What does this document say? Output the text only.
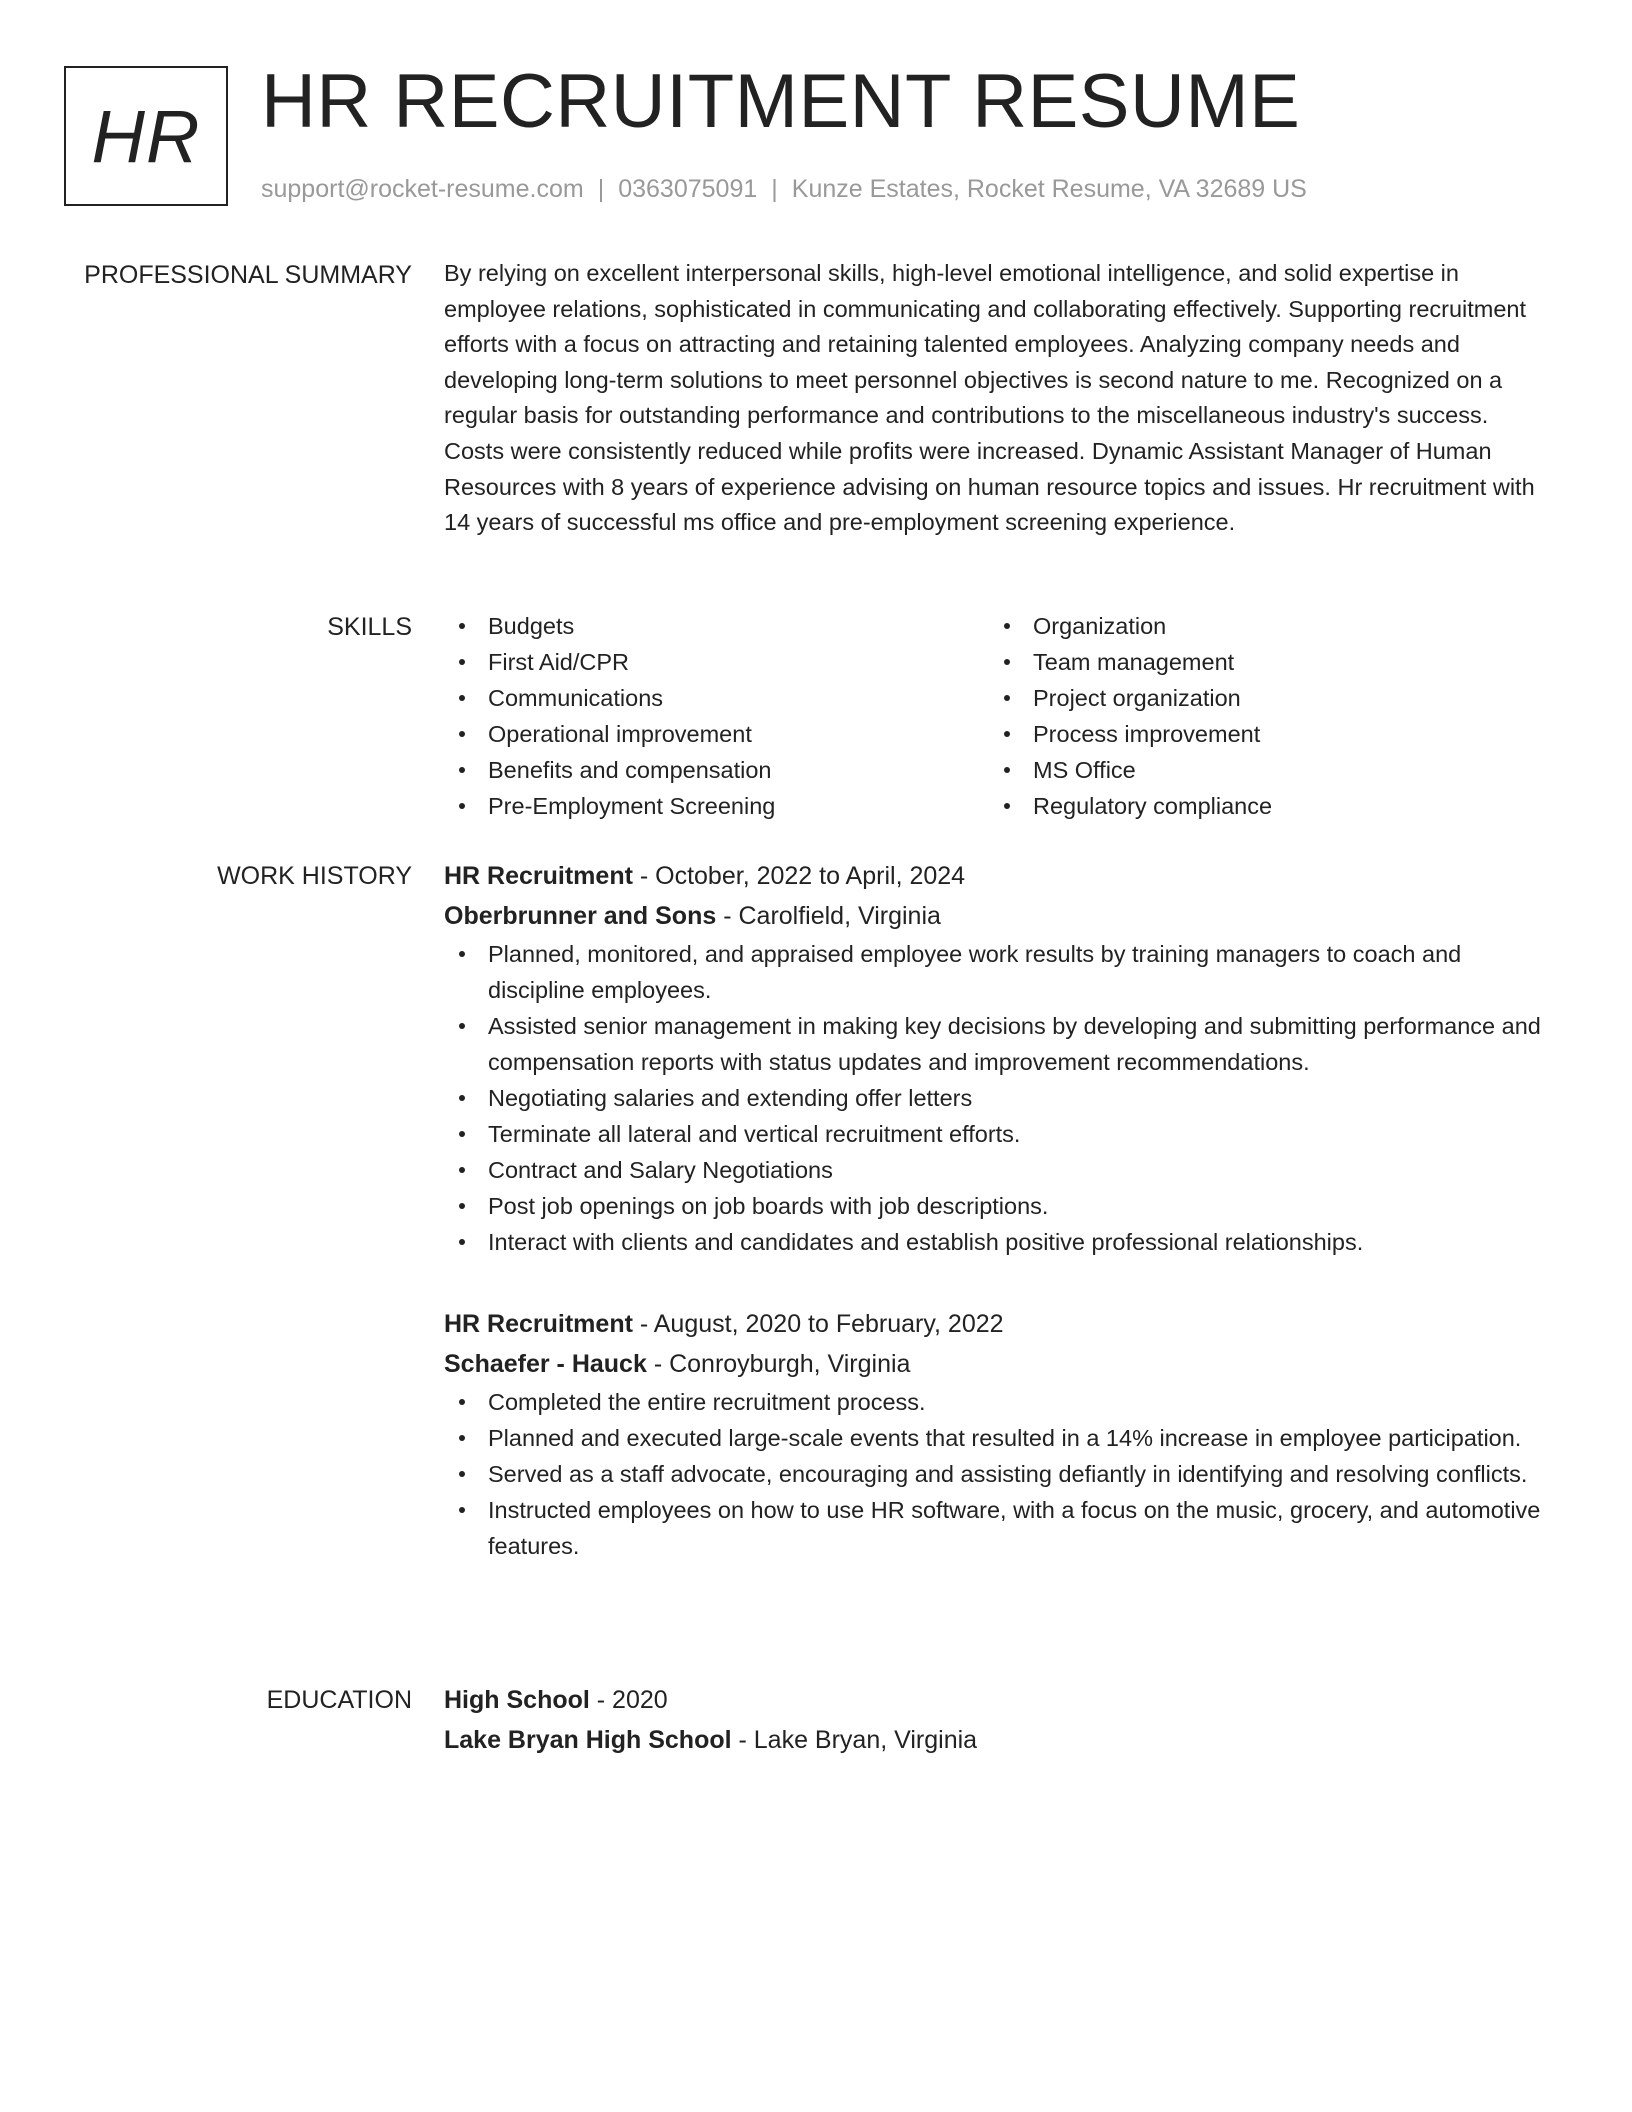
HR HR RECRUITMENT RESUME
support@rocket-resume.com | 0363075091 | Kunze Estates, Rocket Resume, VA 32689 US
PROFESSIONAL SUMMARY By relying on excellent interpersonal skills, high-level emotional intelligence, and solid expertise in employee relations, sophisticated in communicating and collaborating effectively. Supporting recruitment efforts with a focus on attracting and retaining talented employees. Analyzing company needs and developing long-term solutions to meet personnel objectives is second nature to me. Recognized on a regular basis for outstanding performance and contributions to the miscellaneous industry's success. Costs were consistently reduced while profits were increased. Dynamic Assistant Manager of Human Resources with 8 years of experience advising on human resource topics and issues. Hr recruitment with 14 years of successful ms office and pre-employment screening experience.

SKILLS	Budgets
First Aid/CPR
Communications
Operational improvement
Benefits and compensation
Pre-Employment Screening
Organization
Team management
Project organization
Process improvement
MS Office
Regulatory compliance
WORK HISTORY HR Recruitment - October, 2022 to April, 2024
Oberbrunner and Sons - Carolfield, Virginia
Planned, monitored, and appraised employee work results by training managers to coach and discipline employees.
Assisted senior management in making key decisions by developing and submitting performance and compensation reports with status updates and improvement recommendations.
Negotiating salaries and extending offer letters
Terminate all lateral and vertical recruitment efforts.
Contract and Salary Negotiations
Post job openings on job boards with job descriptions.
Interact with clients and candidates and establish positive professional relationships.
HR Recruitment - August, 2020 to February, 2022
Schaefer - Hauck - Conroyburgh, Virginia
Completed the entire recruitment process.
Planned and executed large-scale events that resulted in a 14% increase in employee participation.
Served as a staff advocate, encouraging and assisting defiantly in identifying and resolving conflicts.
Instructed employees on how to use HR software, with a focus on the music, grocery, and automotive features.
EDUCATION High School - 2020
Lake Bryan High School - Lake Bryan, Virginia
